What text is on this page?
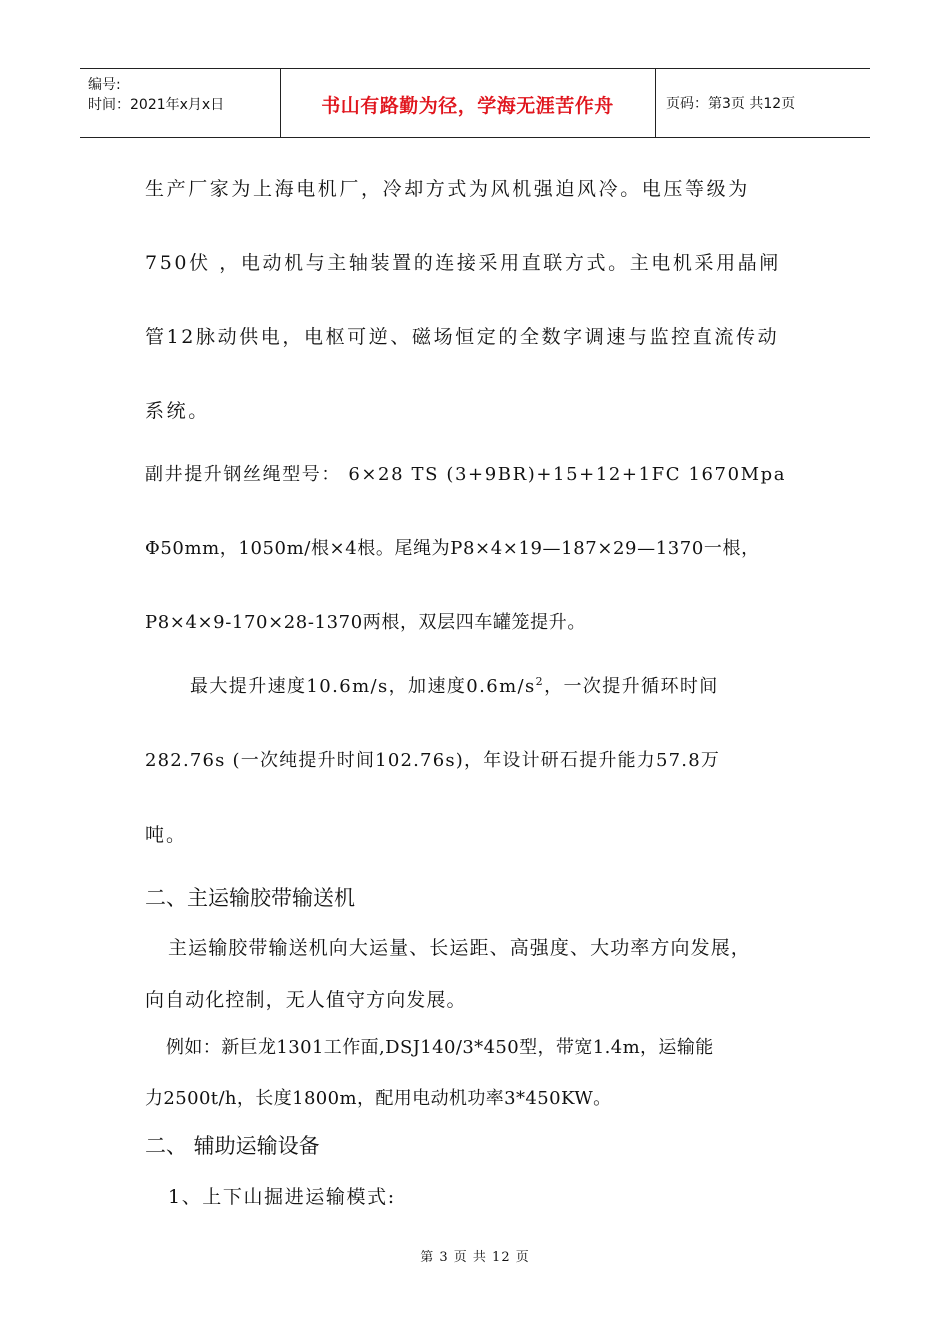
编号:
时间：2021年x月x日	书山有路勤为径，学海无涯苦作舟	页码：第3页 共12页
生产厂家为上海电机厂，冷却方式为风机强迫风冷。电压等级为
750伏 ，电动机与主轴装置的连接采用直联方式。主电机采用晶闸
管12脉动供电，电枢可逆、磁场恒定的全数字调速与监控直流传动
系统。
副井提升钢丝绳型号： 6×28 TS (3+9BR)+15+12+1FC 1670Mpa
Φ50mm，1050m/根×4根。尾绳为P8×4×19—187×29—1370一根，
P8×4×9-170×28-1370两根，双层四车罐笼提升。
最大提升速度10.6m/s，加速度$0.6m/s^2$，一次提升循环时间
282.76s (一次纯提升时间102.76s)，年设计研石提升能力57.8万
吨。
二、主运输胶带输送机
主运输胶带输送机向大运量、长运距、高强度、大功率方向发展，
向自动化控制，无人值守方向发展。
例如：新巨龙1301工作面,DSJ140/3*450型，带宽1.4m，运输能
力2500t/h，长度1800m，配用电动机功率3*450KW。
二、 辅助运输设备
1、上下山掘进运输模式:
第 3 页 共 12 页
